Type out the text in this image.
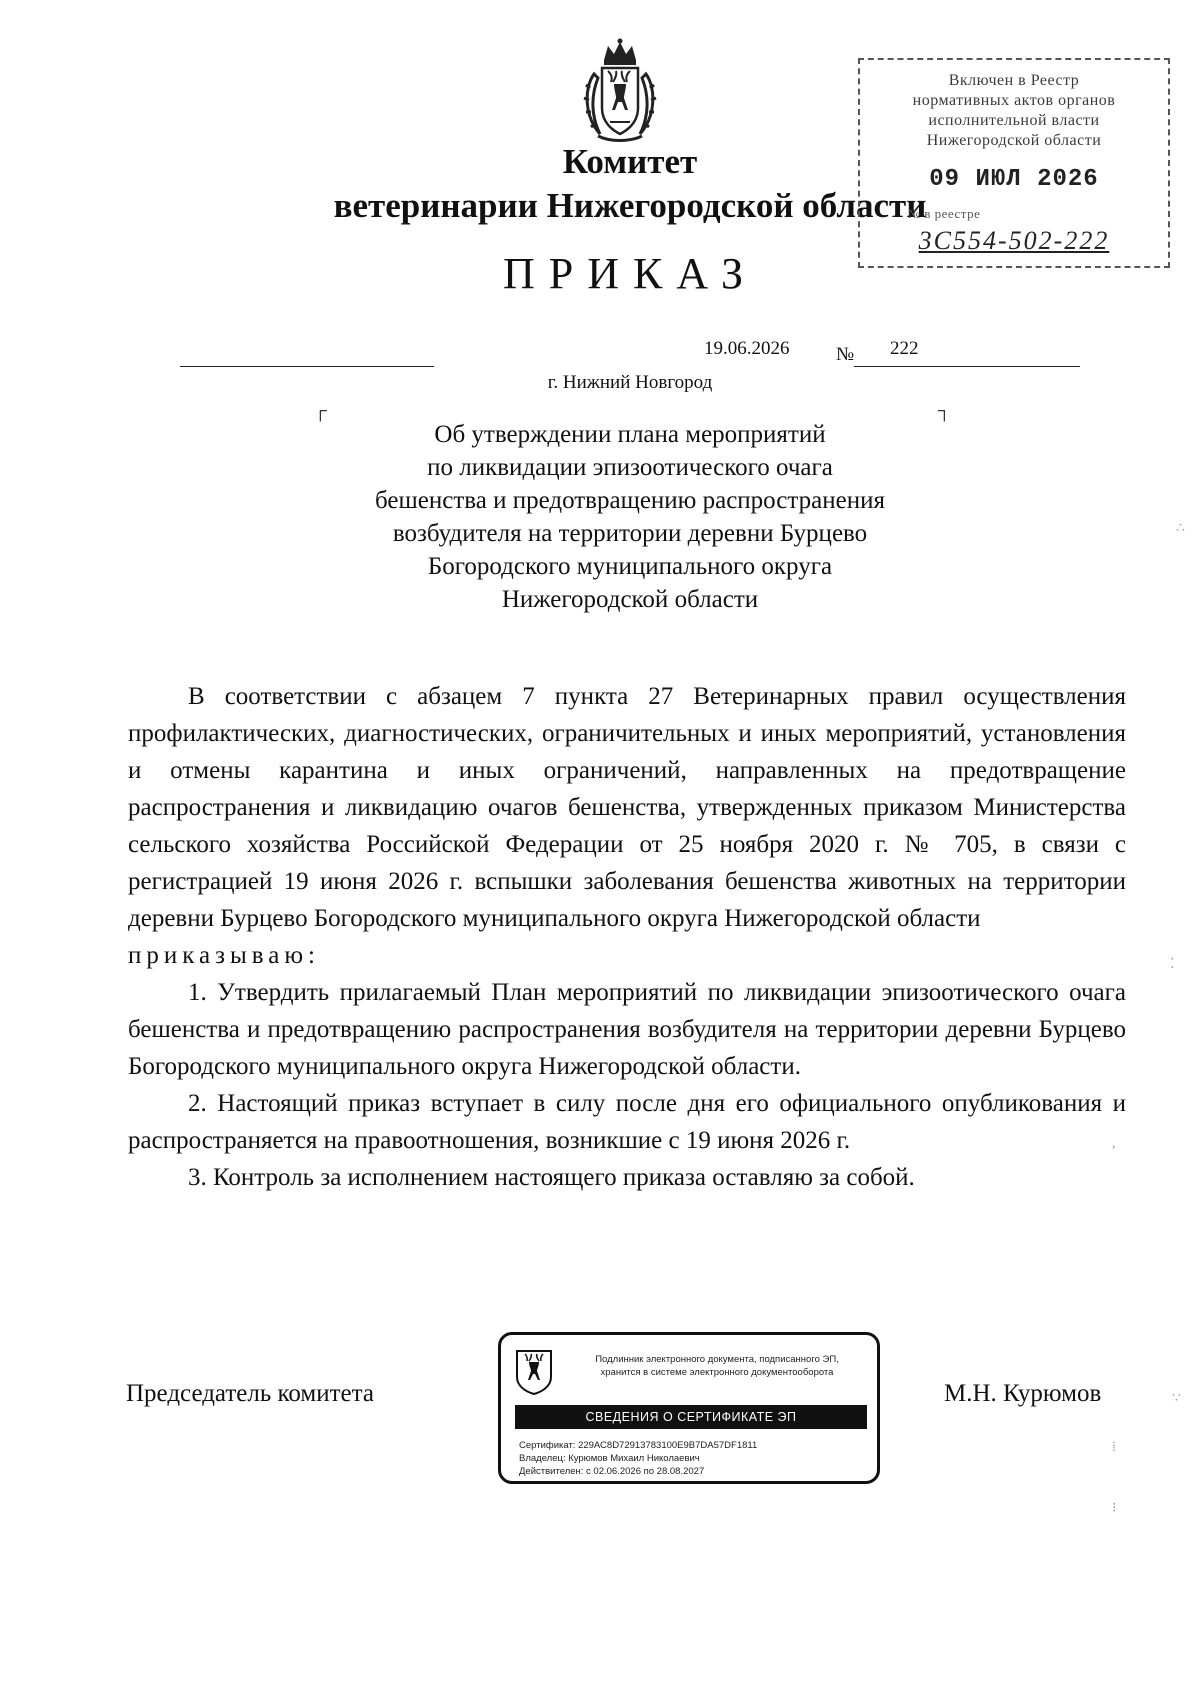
Комитет
ветеринарии Нижегородской области
ПРИКАЗ
Включен в Реестр
нормативных актов органов
исполнительной власти
Нижегородской области
09 ИЮЛ 2026
№ в реестре
3С554-502-222
19.06.2026 № 222
г. Нижний Новгород
┌	┐
Об утверждении плана мероприятий
по ликвидации эпизоотического очага
бешенства и предотвращению распространения
возбудителя на территории деревни Бурцево
Богородского муниципального округа
Нижегородской области

В соответствии с абзацем 7 пункта 27 Ветеринарных правил осуществления профилактических, диагностических, ограничительных и иных мероприятий, установления и отмены карантина и иных ограничений, направленных на предотвращение распространения и ликвидацию очагов бешенства, утвержденных приказом Министерства сельского хозяйства Российской Федерации от 25 ноября 2020 г. № 705, в связи с регистрацией 19 июня 2026 г. вспышки заболевания бешенства животных на территории деревни Бурцево Богородского муниципального округа Нижегородской области

приказываю:

1. Утвердить прилагаемый План мероприятий по ликвидации эпизоотического очага бешенства и предотвращению распространения возбудителя на территории деревни Бурцево Богородского муниципального округа Нижегородской области.

2. Настоящий приказ вступает в силу после дня его официального опубликования и распространяется на правоотношения, возникшие с 19 июня 2026 г.

3. Контроль за исполнением настоящего приказа оставляю за собой.

Председатель комитета	М.Н. Курюмов
Подлинник электронного документа, подписанного ЭП,
хранится в системе электронного документооборота
СВЕДЕНИЯ О СЕРТИФИКАТЕ ЭП
Сертификат: 229АС8D72913783100Е9В7DA57DF1811
Владелец: Курюмов Михаил Николаевич
Действителен: с 02.06.2026 по 28.08.2027
∴
⁚
,
∵
⁞
⁝
